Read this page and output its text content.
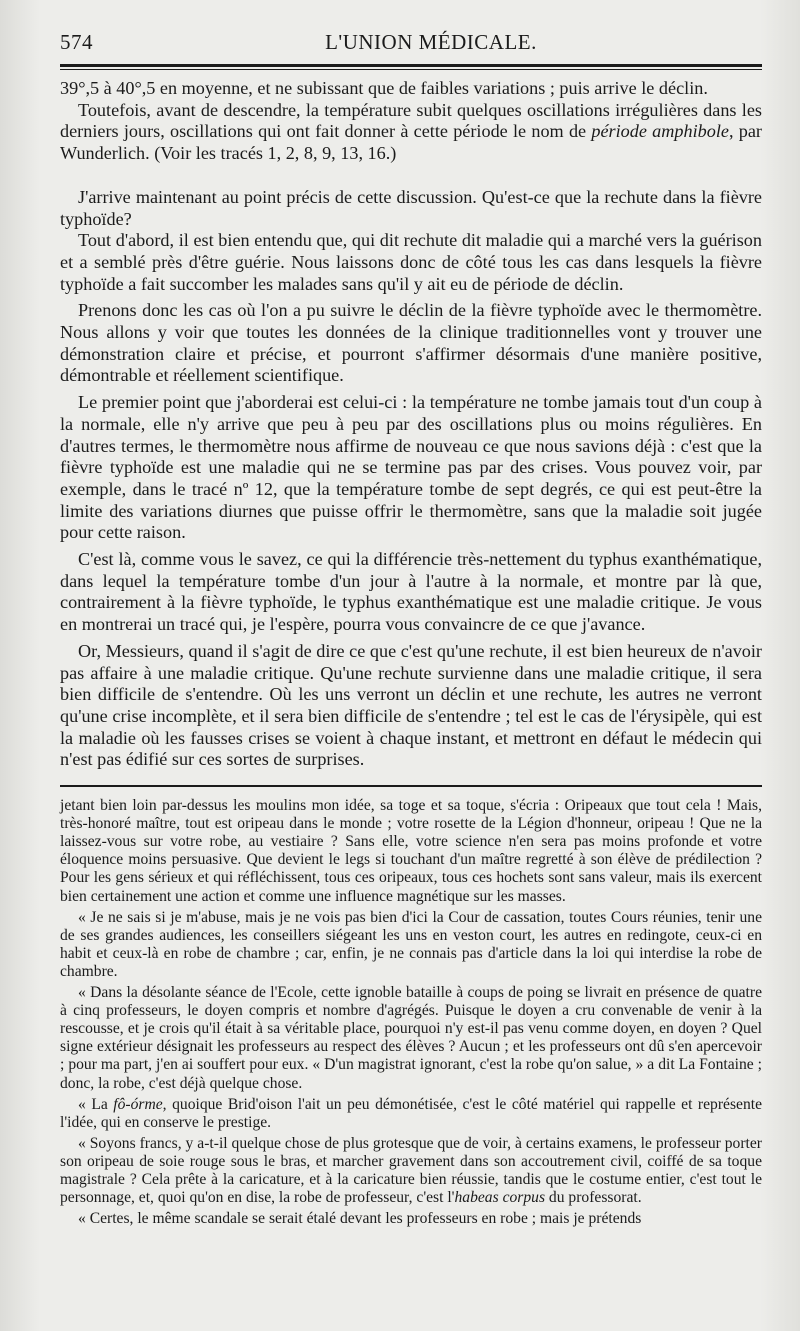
574	L'UNION MÉDICALE.

39°,5 à 40°,5 en moyenne, et ne subissant que de faibles variations ; puis arrive le déclin.

Toutefois, avant de descendre, la température subit quelques oscillations irrégulières dans les derniers jours, oscillations qui ont fait donner à cette période le nom de période amphibole, par Wunderlich. (Voir les tracés 1, 2, 8, 9, 13, 16.)

J'arrive maintenant au point précis de cette discussion. Qu'est-ce que la rechute dans la fièvre typhoïde?

Tout d'abord, il est bien entendu que, qui dit rechute dit maladie qui a marché vers la guérison et a semblé près d'être guérie. Nous laissons donc de côté tous les cas dans lesquels la fièvre typhoïde a fait succomber les malades sans qu'il y ait eu de période de déclin.

Prenons donc les cas où l'on a pu suivre le déclin de la fièvre typhoïde avec le thermomètre. Nous allons y voir que toutes les données de la clinique traditionnelles vont y trouver une démonstration claire et précise, et pourront s'affirmer désormais d'une manière positive, démontrable et réellement scientifique.

Le premier point que j'aborderai est celui-ci : la température ne tombe jamais tout d'un coup à la normale, elle n'y arrive que peu à peu par des oscillations plus ou moins régulières. En d'autres termes, le thermomètre nous affirme de nouveau ce que nous savions déjà : c'est que la fièvre typhoïde est une maladie qui ne se termine pas par des crises. Vous pouvez voir, par exemple, dans le tracé nº 12, que la température tombe de sept degrés, ce qui est peut-être la limite des variations diurnes que puisse offrir le thermomètre, sans que la maladie soit jugée pour cette raison.

C'est là, comme vous le savez, ce qui la différencie très-nettement du typhus exanthématique, dans lequel la température tombe d'un jour à l'autre à la normale, et montre par là que, contrairement à la fièvre typhoïde, le typhus exanthématique est une maladie critique. Je vous en montrerai un tracé qui, je l'espère, pourra vous convaincre de ce que j'avance.

Or, Messieurs, quand il s'agit de dire ce que c'est qu'une rechute, il est bien heureux de n'avoir pas affaire à une maladie critique. Qu'une rechute survienne dans une maladie critique, il sera bien difficile de s'entendre. Où les uns verront un déclin et une rechute, les autres ne verront qu'une crise incomplète, et il sera bien difficile de s'entendre ; tel est le cas de l'érysipèle, qui est la maladie où les fausses crises se voient à chaque instant, et mettront en défaut le médecin qui n'est pas édifié sur ces sortes de surprises.

jetant bien loin par-dessus les moulins mon idée, sa toge et sa toque, s'écria : Oripeaux que tout cela ! Mais, très-honoré maître, tout est oripeau dans le monde ; votre rosette de la Légion d'honneur, oripeau ! Que ne la laissez-vous sur votre robe, au vestiaire ? Sans elle, votre science n'en sera pas moins profonde et votre éloquence moins persuasive. Que devient le legs si touchant d'un maître regretté à son élève de prédilection ? Pour les gens sérieux et qui réfléchissent, tous ces oripeaux, tous ces hochets sont sans valeur, mais ils exercent bien certainement une action et comme une influence magnétique sur les masses.

« Je ne sais si je m'abuse, mais je ne vois pas bien d'ici la Cour de cassation, toutes Cours réunies, tenir une de ses grandes audiences, les conseillers siégeant les uns en veston court, les autres en redingote, ceux-ci en habit et ceux-là en robe de chambre ; car, enfin, je ne connais pas d'article dans la loi qui interdise la robe de chambre.

« Dans la désolante séance de l'Ecole, cette ignoble bataille à coups de poing se livrait en présence de quatre à cinq professeurs, le doyen compris et nombre d'agrégés. Puisque le doyen a cru convenable de venir à la rescousse, et je crois qu'il était à sa véritable place, pourquoi n'y est-il pas venu comme doyen, en doyen ? Quel signe extérieur désignait les professeurs au respect des élèves ? Aucun ; et les professeurs ont dû s'en apercevoir ; pour ma part, j'en ai souffert pour eux. « D'un magistrat ignorant, c'est la robe qu'on salue, » a dit La Fontaine ; donc, la robe, c'est déjà quelque chose.

« La fô-órme, quoique Brid'oison l'ait un peu démonétisée, c'est le côté matériel qui rappelle et représente l'idée, qui en conserve le prestige.

« Soyons francs, y a-t-il quelque chose de plus grotesque que de voir, à certains examens, le professeur porter son oripeau de soie rouge sous le bras, et marcher gravement dans son accoutrement civil, coiffé de sa toque magistrale ? Cela prête à la caricature, et à la caricature bien réussie, tandis que le costume entier, c'est tout le personnage, et, quoi qu'on en dise, la robe de professeur, c'est l'habeas corpus du professorat.

« Certes, le même scandale se serait étalé devant les professeurs en robe ; mais je prétends
